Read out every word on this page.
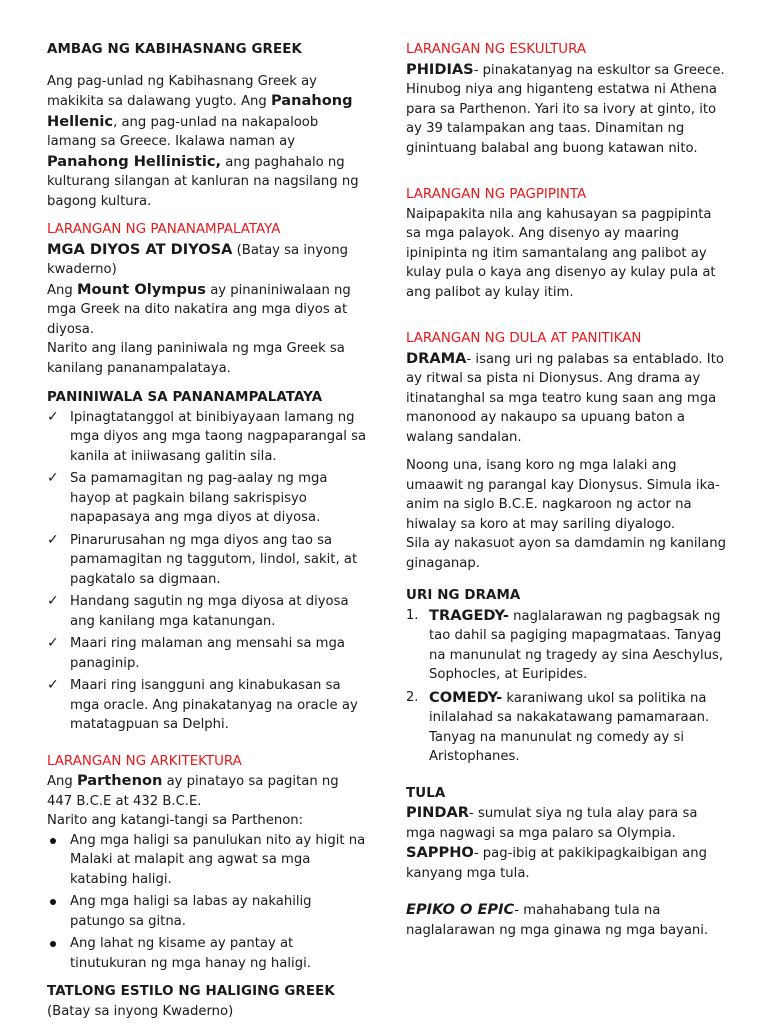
AMBAG NG KABIHASNANG GREEK

Ang pag-unlad ng Kabihasnang Greek ay makikita sa dalawang yugto. Ang Panahong Hellenic, ang pag-unlad na nakapaloob lamang sa Greece. Ikalawa naman ay Panahong Hellinistic, ang paghahalo ng kulturang silangan at kanluran na nagsilang ng bagong kultura.

LARANGAN NG PANANAMPALATAYA

MGA DIYOS AT DIYOSA (Batay sa inyong kwaderno)

Ang Mount Olympus ay pinaniniwalaan ng mga Greek na dito nakatira ang mga diyos at diyosa.

Narito ang ilang paniniwala ng mga Greek sa kanilang pananampalataya.

PANINIWALA SA PANANAMPALATAYA

✓ Ipinagtatanggol at binibiyayaan lamang ng mga diyos ang mga taong nagpaparangal sa kanila at iniiwasang galitin sila.
✓ Sa pamamagitan ng pag-aalay ng mga hayop at pagkain bilang sakrispisyo napapasaya ang mga diyos at diyosa.
✓ Pinarurusahan ng mga diyos ang tao sa pamamagitan ng taggutom, lindol, sakit, at pagkatalo sa digmaan.
✓ Handang sagutin ng mga diyosa at diyosa ang kanilang mga katanungan.
✓ Maari ring malaman ang mensahi sa mga panaginip.
✓ Maari ring isangguni ang kinabukasan sa mga oracle. Ang pinakatanyag na oracle ay matatagpuan sa Delphi.

LARANGAN NG ARKITEKTURA

Ang Parthenon ay pinatayo sa pagitan ng 447 B.C.E at 432 B.C.E.

Narito ang katangi-tangi sa Parthenon:

Ang mga haligi sa panulukan nito ay higit na Malaki at malapit ang agwat sa mga katabing haligi.
Ang mga haligi sa labas ay nakahilig patungo sa gitna.
Ang lahat ng kisame ay pantay at tinutukuran ng mga hanay ng haligi.

TATLONG ESTILO NG HALIGING GREEK (Batay sa inyong Kwaderno)

LARANGAN NG ESKULTURA

PHIDIAS- pinakatanyag na eskultor sa Greece. Hinubog niya ang higanteng estatwa ni Athena para sa Parthenon. Yari ito sa ivory at ginto, ito ay 39 talampakan ang taas. Dinamitan ng ginintuang balabal ang buong katawan nito.

LARANGAN NG PAGPIPINTA

Naipapakita nila ang kahusayan sa pagpipinta sa mga palayok. Ang disenyo ay maaring ipinipinta ng itim samantalang ang palibot ay kulay pula o kaya ang disenyo ay kulay pula at ang palibot ay kulay itim.

LARANGAN NG DULA AT PANITIKAN

DRAMA- isang uri ng palabas sa entablado. Ito ay ritwal sa pista ni Dionysus. Ang drama ay itinatanghal sa mga teatro kung saan ang mga manonood ay nakaupo sa upuang baton a walang sandalan.

Noong una, isang koro ng mga lalaki ang umaawit ng parangal kay Dionysus. Simula ika-anim na siglo B.C.E. nagkaroon ng actor na hiwalay sa koro at may sariling diyalogo.

Sila ay nakasuot ayon sa damdamin ng kanilang ginaganap.

URI NG DRAMA

1. TRAGEDY- naglalarawan ng pagbagsak ng tao dahil sa pagiging mapagmataas. Tanyag na manunulat ng tragedy ay sina Aeschylus, Sophocles, at Euripides.
2. COMEDY- karaniwang ukol sa politika na inilalahad sa nakakatawang pamamaraan. Tanyag na manunulat ng comedy ay si Aristophanes.

TULA

PINDAR- sumulat siya ng tula alay para sa mga nagwagi sa mga palaro sa Olympia.

SAPPHO- pag-ibig at pakikipagkaibigan ang kanyang mga tula.

EPIKO O EPIC- mahahabang tula na naglalarawan ng mga ginawa ng mga bayani.
